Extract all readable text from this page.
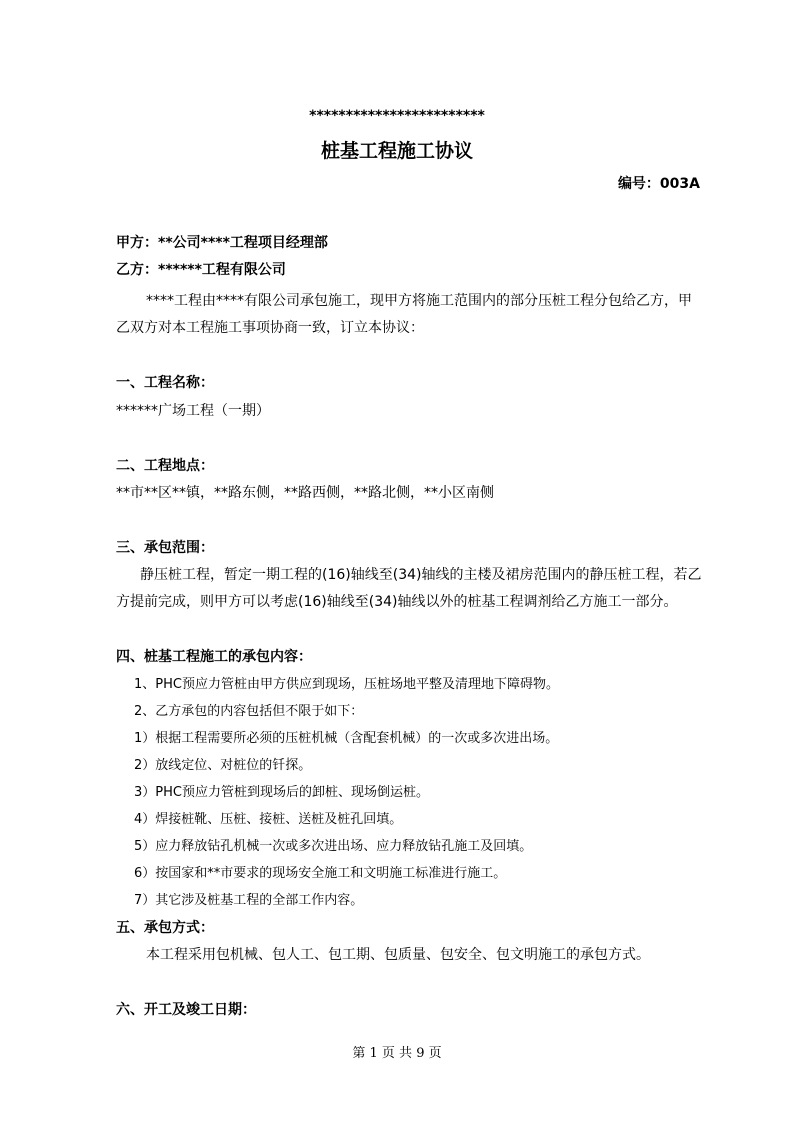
************************
桩基工程施工协议
编号：003A
甲方：**公司****工程项目经理部
乙方：******工程有限公司
****工程由****有限公司承包施工，现甲方将施工范围内的部分压桩工程分包给乙方，甲
乙双方对本工程施工事项协商一致，订立本协议：
一、工程名称：
******广场工程（一期）
二、工程地点：
**市**区**镇，**路东侧，**路西侧，**路北侧，**小区南侧
三、承包范围：
静压桩工程，暂定一期工程的(16)轴线至(34)轴线的主楼及裙房范围内的静压桩工程，若乙
方提前完成，则甲方可以考虑(16)轴线至(34)轴线以外的桩基工程调剂给乙方施工一部分。
四、桩基工程施工的承包内容：
1、PHC预应力管桩由甲方供应到现场，压桩场地平整及清理地下障碍物。
2、乙方承包的内容包括但不限于如下：
1）根据工程需要所必须的压桩机械（含配套机械）的一次或多次进出场。
2）放线定位、对桩位的钎探。
3）PHC预应力管桩到现场后的卸桩、现场倒运桩。
4）焊接桩靴、压桩、接桩、送桩及桩孔回填。
5）应力释放钻孔机械一次或多次进出场、应力释放钻孔施工及回填。
6）按国家和**市要求的现场安全施工和文明施工标准进行施工。
7）其它涉及桩基工程的全部工作内容。
五、承包方式：
本工程采用包机械、包人工、包工期、包质量、包安全、包文明施工的承包方式。
六、开工及竣工日期：
第 1 页 共 9 页
